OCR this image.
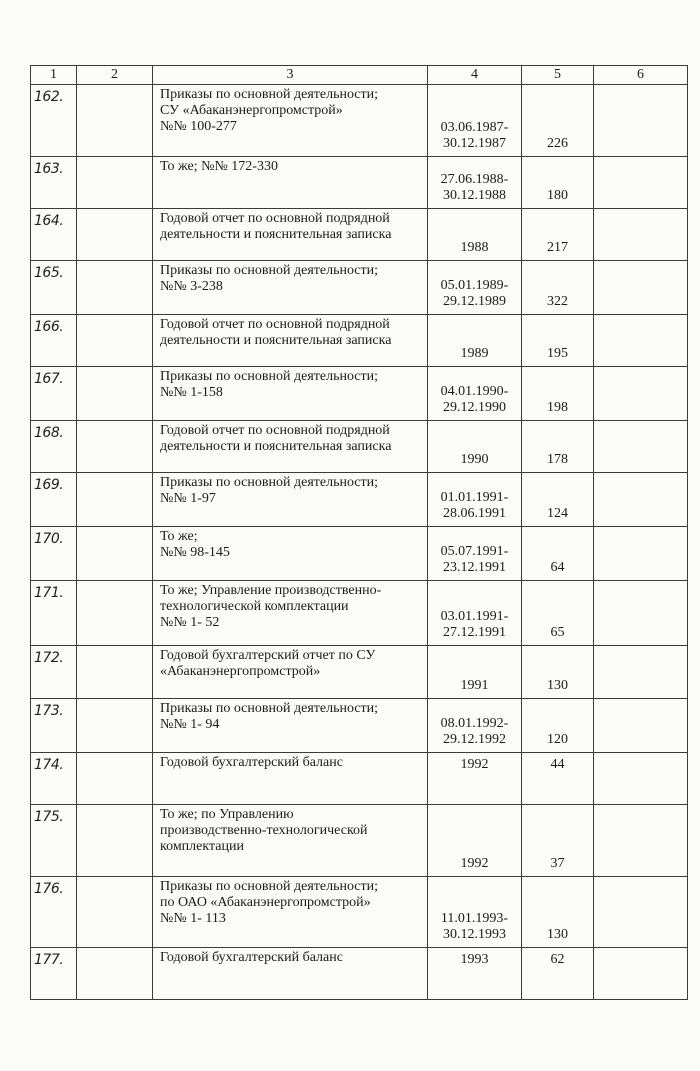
1	2	3	4	5	6
162.		Приказы по основной деятельности;
СУ «Абаканэнергопромстрой»
№№ 100-277	03.06.1987-
30.12.1987	226	

163.		То же; №№ 172-330	27.06.1988-
30.12.1988	180	

164.		Годовой отчет по основной подрядной
деятельности и пояснительная записка	1988	217	

165.		Приказы по основной деятельности;
№№ 3-238	05.01.1989-
29.12.1989	322	

166.		Годовой отчет по основной подрядной
деятельности и пояснительная записка	1989	195	

167.		Приказы по основной деятельности;
№№ 1-158	04.01.1990-
29.12.1990	198	

168.		Годовой отчет по основной подрядной
деятельности и пояснительная записка	1990	178	

169.		Приказы по основной деятельности;
№№ 1-97	01.01.1991-
28.06.1991	124	

170.		То же;
№№ 98-145	05.07.1991-
23.12.1991	64	

171.		То же; Управление производственно-
технологической комплектации
№№ 1- 52	03.01.1991-
27.12.1991	65	

172.		Годовой бухгалтерский отчет по СУ
«Абаканэнергопромстрой»	1991	130	

173.		Приказы по основной деятельности;
№№ 1- 94	08.01.1992-
29.12.1992	120	

174.		Годовой бухгалтерский баланс	1992	44	

175.		То же; по Управлению
производственно-технологической
комплектации	1992	37	

176.		Приказы по основной деятельности;
по ОАО «Абаканэнергопромстрой»
№№ 1- 113	11.01.1993-
30.12.1993	130	

177.		Годовой бухгалтерский баланс	1993	62	
